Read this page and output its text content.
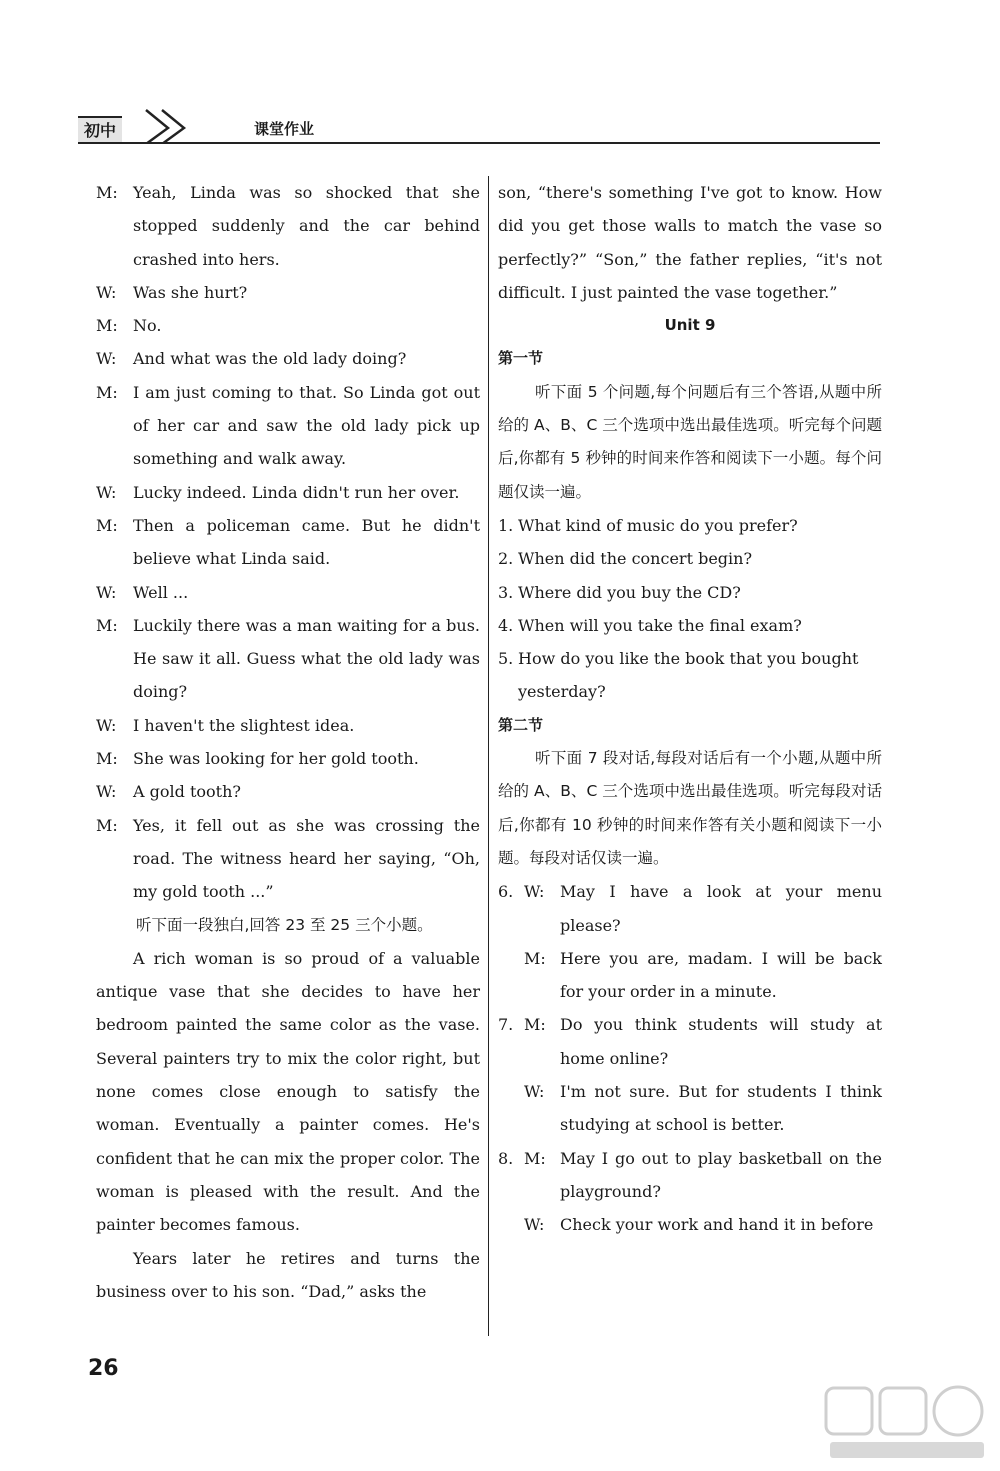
初中	课堂作业
M: Yeah, Linda was so shocked that she stopped suddenly and the car behind crashed into hers.
W: Was she hurt?
M: No.
W: And what was the old lady doing?
M: I am just coming to that. So Linda got out of her car and saw the old lady pick up something and walk away.
W: Lucky indeed. Linda didn't run her over.
M: Then a policeman came. But he didn't believe what Linda said.
W: Well ...
M: Luckily there was a man waiting for a bus. He saw it all. Guess what the old lady was doing?
W: I haven't the slightest idea.
M: She was looking for her gold tooth.
W: A gold tooth?
M: Yes, it fell out as she was crossing the road. The witness heard her saying, “Oh, my gold tooth ...”
听下面一段独白,回答 23 至 25 三个小题。
A rich woman is so proud of a valuable antique vase that she decides to have her bedroom painted the same color as the vase. Several painters try to mix the color right, but none comes close enough to satisfy the woman. Eventually a painter comes. He's confident that he can mix the proper color. The woman is pleased with the result. And the painter becomes famous.
Years later he retires and turns the business over to his son. “Dad,” asks the
son, “there's something I've got to know. How did you get those walls to match the vase so perfectly?” “Son,” the father replies, “it's not difficult. I just painted the vase together.”
Unit 9
第一节
听下面 5 个问题,每个问题后有三个答语,从题中所给的 A、B、C 三个选项中选出最佳选项。听完每个问题后,你都有 5 秒钟的时间来作答和阅读下一小题。每个问题仅读一遍。
1. What kind of music do you prefer?
2. When did the concert begin?
3. Where did you buy the CD?
4. When will you take the final exam?
5. How do you like the book that you bought yesterday?
第二节
听下面 7 段对话,每段对话后有一个小题,从题中所给的 A、B、C 三个选项中选出最佳选项。听完每段对话后,你都有 10 秒钟的时间来作答有关小题和阅读下一小题。每段对话仅读一遍。
6. W: May I have a look at your menu please?
M: Here you are, madam. I will be back for your order in a minute.
7. M: Do you think students will study at home online?
W: I'm not sure. But for students I think studying at school is better.
8. M: May I go out to play basketball on the playground?
W: Check your work and hand it in before
26
